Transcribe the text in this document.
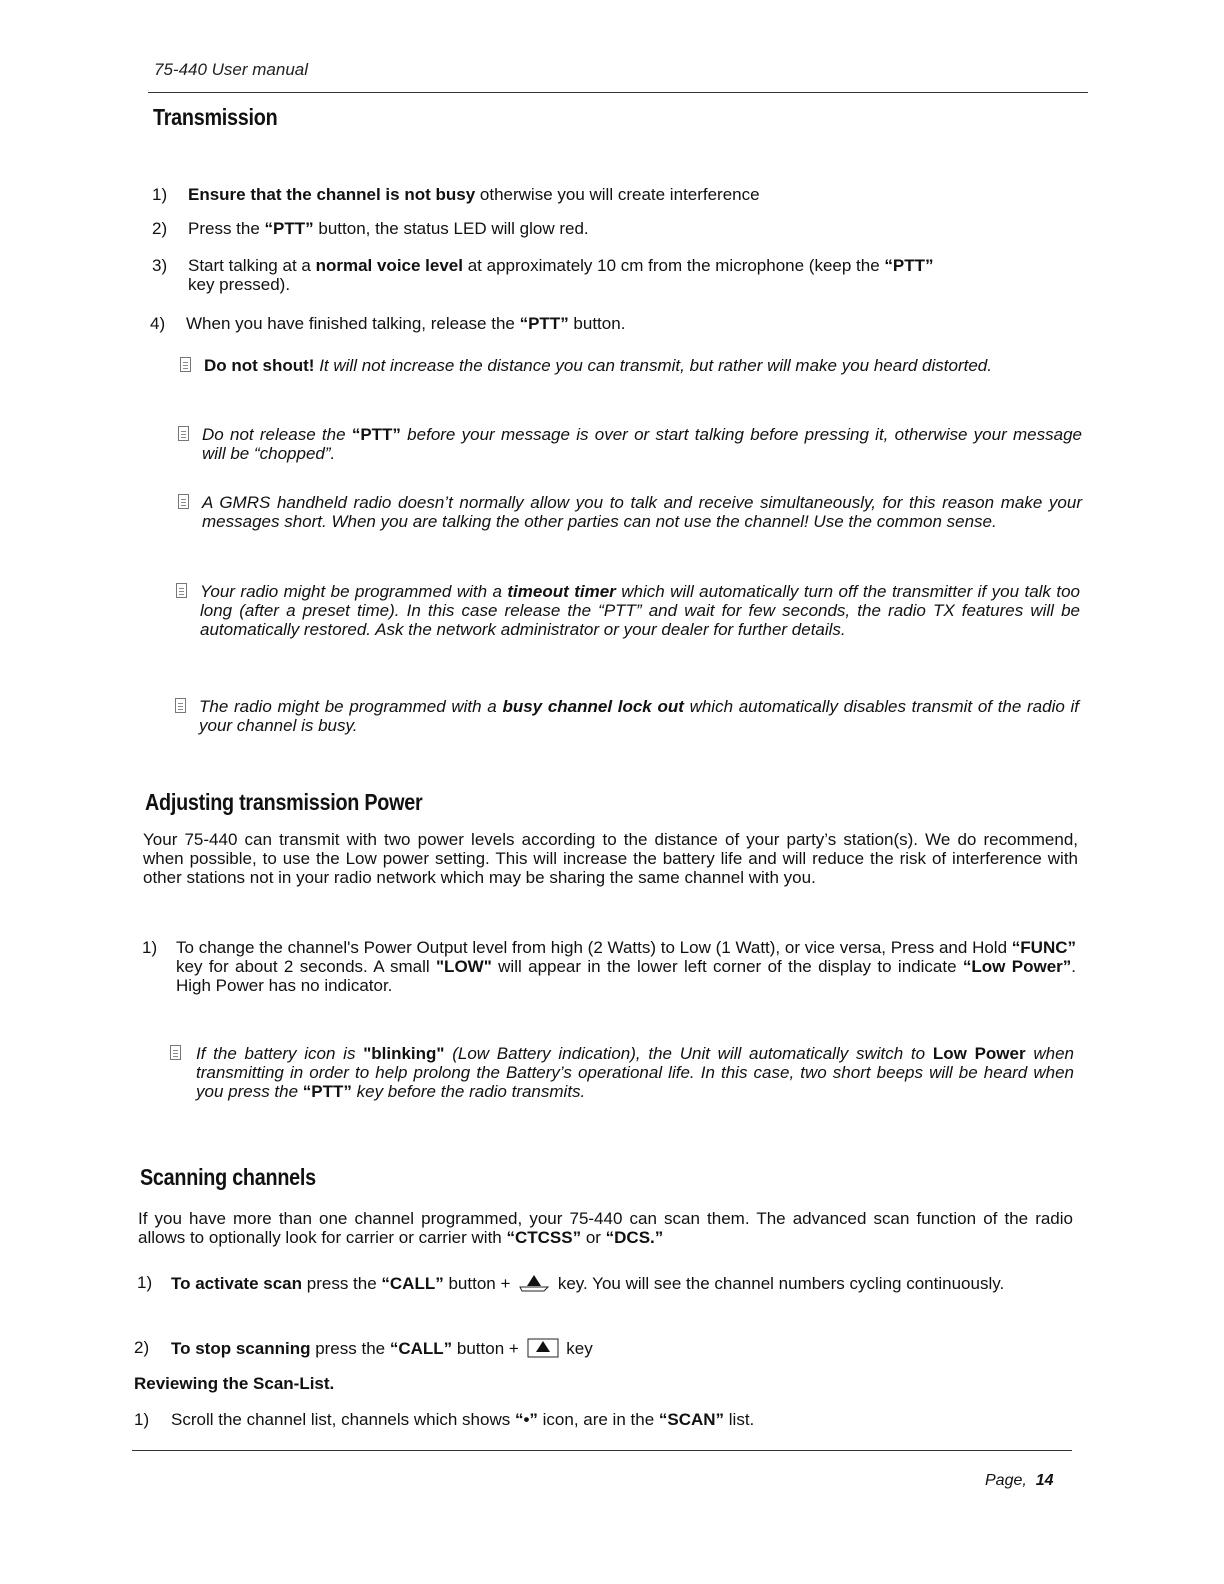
75-440 User manual
Transmission
1) Ensure that the channel is not busy otherwise you will create interference
2) Press the “PTT” button, the status LED will glow red.
3) Start talking at a normal voice level at approximately 10 cm from the microphone (keep the “PTT”
key pressed).
4) When you have finished talking, release the “PTT” button.
Do not shout! It will not increase the distance you can transmit, but rather will make you heard distorted.
Do not release the “PTT” before your message is over or start talking before pressing it, otherwise your message will be “chopped”.
A GMRS handheld radio doesn’t normally allow you to talk and receive simultaneously, for this reason make your messages short. When you are talking the other parties can not use the channel! Use the common sense.
Your radio might be programmed with a timeout timer which will automatically turn off the transmitter if you talk too long (after a preset time). In this case release the “PTT” and wait for few seconds, the radio TX features will be automatically restored. Ask the network administrator or your dealer for further details.
The radio might be programmed with a busy channel lock out which automatically disables transmit of the radio if your channel is busy.
Adjusting transmission Power
Your 75-440 can transmit with two power levels according to the distance of your party’s station(s). We do recommend, when possible, to use the Low power setting. This will increase the battery life and will reduce the risk of interference with other stations not in your radio network which may be sharing the same channel with you.
1) To change the channel's Power Output level from high (2 Watts) to Low (1 Watt), or vice versa, Press and Hold “FUNC” key for about 2 seconds. A small "LOW" will appear in the lower left corner of the display to indicate “Low Power”. High Power has no indicator.
If the battery icon is "blinking" (Low Battery indication), the Unit will automatically switch to Low Power when transmitting in order to help prolong the Battery’s operational life. In this case, two short beeps will be heard when you press the “PTT” key before the radio transmits.
Scanning channels
If you have more than one channel programmed, your 75-440 can scan them. The advanced scan function of the radio allows to optionally look for carrier or carrier with “CTCSS” or “DCS.”
1) To activate scan press the “CALL” button +
key. You will see the channel numbers cycling continuously.
2) To stop scanning press the “CALL” button +
key
Reviewing the Scan-List.
1) Scroll the channel list, channels which shows “•” icon, are in the “SCAN” list.
Page, 14
